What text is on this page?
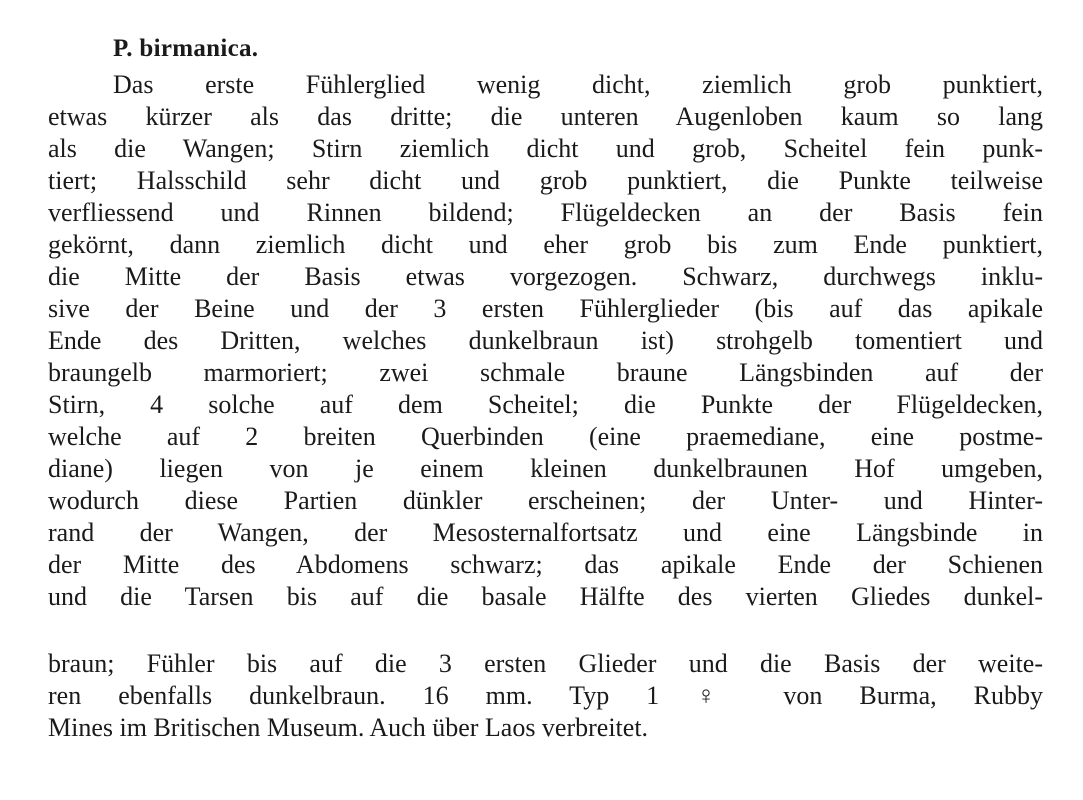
P. birmanica.
Das erste Fühlerglied wenig dicht, ziemlich grob punktiert,
etwas kürzer als das dritte; die unteren Augenloben kaum so lang
als die Wangen; Stirn ziemlich dicht und grob, Scheitel fein punk-
tiert; Halsschild sehr dicht und grob punktiert, die Punkte teilweise
verfliessend und Rinnen bildend; Flügeldecken an der Basis fein
gekörnt, dann ziemlich dicht und eher grob bis zum Ende punktiert,
die Mitte der Basis etwas vorgezogen. Schwarz, durchwegs inklu-
sive der Beine und der 3 ersten Fühlerglieder (bis auf das apikale
Ende des Dritten, welches dunkelbraun ist) strohgelb tomentiert und
braungelb marmoriert; zwei schmale braune Längsbinden auf der
Stirn, 4 solche auf dem Scheitel; die Punkte der Flügeldecken,
welche auf 2 breiten Querbinden (eine praemediane, eine postme-
diane) liegen von je einem kleinen dunkelbraunen Hof umgeben,
wodurch diese Partien dünkler erscheinen; der Unter- und Hinter-
rand der Wangen, der Mesosternalfortsatz und eine Längsbinde in
der Mitte des Abdomens schwarz; das apikale Ende der Schienen
und die Tarsen bis auf die basale Hälfte des vierten Gliedes dunkel-
braun; Fühler bis auf die 3 ersten Glieder und die Basis der weite-
ren ebenfalls dunkelbraun. 16 mm. Typ 1 ♀ von Burma, Rubby
Mines im Britischen Museum. Auch über Laos verbreitet.
